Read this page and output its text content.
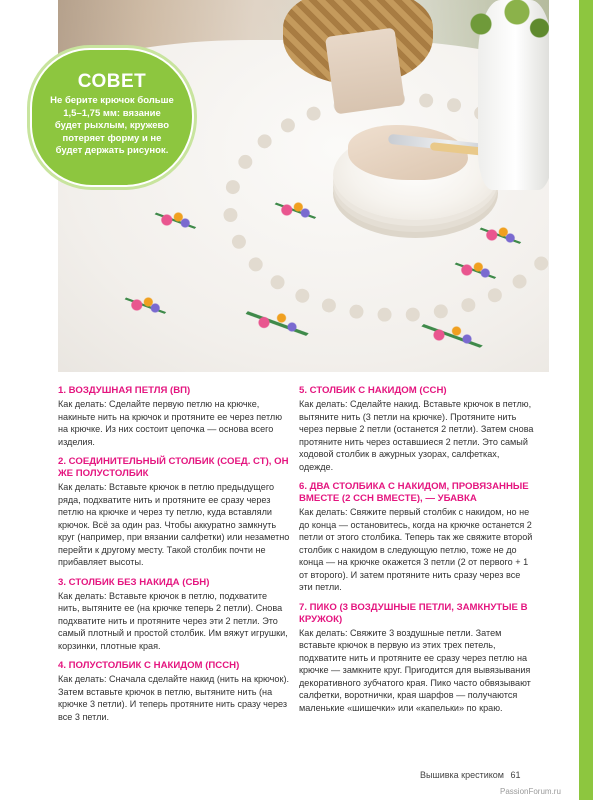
СОВЕТ
Не берите крючок больше 1,5–1,75 мм: вязание будет рыхлым, кружево потеряет форму и не будет держать рисунок.
1. ВОЗДУШНАЯ ПЕТЛЯ (ВП)

Как делать: Сделайте первую петлю на крючке, накиньте нить на крючок и протяните ее через петлю на крючке. Из них состоит цепочка — основа всего изделия.

2. СОЕДИНИТЕЛЬНЫЙ СТОЛБИК (СОЕД. СТ), ОН ЖЕ ПОЛУСТОЛБИК

Как делать: Вставьте крючок в петлю предыдущего ряда, подхватите нить и протяните ее сразу через петлю на крючке и через ту петлю, куда вставляли крючок. Всё за один раз. Чтобы аккуратно замкнуть круг (например, при вязании салфетки) или незаметно перейти к другому месту. Такой столбик почти не прибавляет высоты.

3. СТОЛБИК БЕЗ НАКИДА (СБН)

Как делать: Вставьте крючок в петлю, подхватите нить, вытяните ее (на крючке теперь 2 петли). Снова подхватите нить и протяните через эти 2 петли. Это самый плотный и простой столбик. Им вяжут игрушки, корзинки, плотные края.

4. ПОЛУСТОЛБИК С НАКИДОМ (ПССН)

Как делать: Сначала сделайте накид (нить на крючок). Затем вставьте крючок в петлю, вытяните нить (на крючке 3 петли). И теперь протяните нить сразу через все 3 петли.

5. СТОЛБИК С НАКИДОМ (ССН)

Как делать: Сделайте накид. Вставьте крючок в петлю, вытяните нить (3 петли на крючке). Протяните нить через первые 2 петли (останется 2 петли). Затем снова протяните нить через оставшиеся 2 петли. Это самый ходовой столбик в ажурных узорах, салфетках, одежде.

6. ДВА СТОЛБИКА С НАКИДОМ, ПРОВЯЗАННЫЕ ВМЕСТЕ (2 ССН ВМЕСТЕ), — УБАВКА

Как делать: Свяжите первый столбик с накидом, но не до конца — остановитесь, когда на крючке останется 2 петли от этого столбика. Теперь так же свяжите второй столбик с накидом в следующую петлю, тоже не до конца — на крючке окажется 3 петли (2 от первого + 1 от второго). И затем протяните нить сразу через все эти петли.

7. ПИКО (3 ВОЗДУШНЫЕ ПЕТЛИ, ЗАМКНУТЫЕ В КРУЖОК)

Как делать: Свяжите 3 воздушные петли. Затем вставьте крючок в первую из этих трех петель, подхватите нить и протяните ее сразу через петлю на крючке — замкните круг. Пригодится для вывязывания декоративного зубчатого края. Пико часто обвязывают салфетки, воротнички, края шарфов — получаются маленькие «шишечки» или «капельки» по краю.

Вышивка крестиком 61
PassionForum.ru
